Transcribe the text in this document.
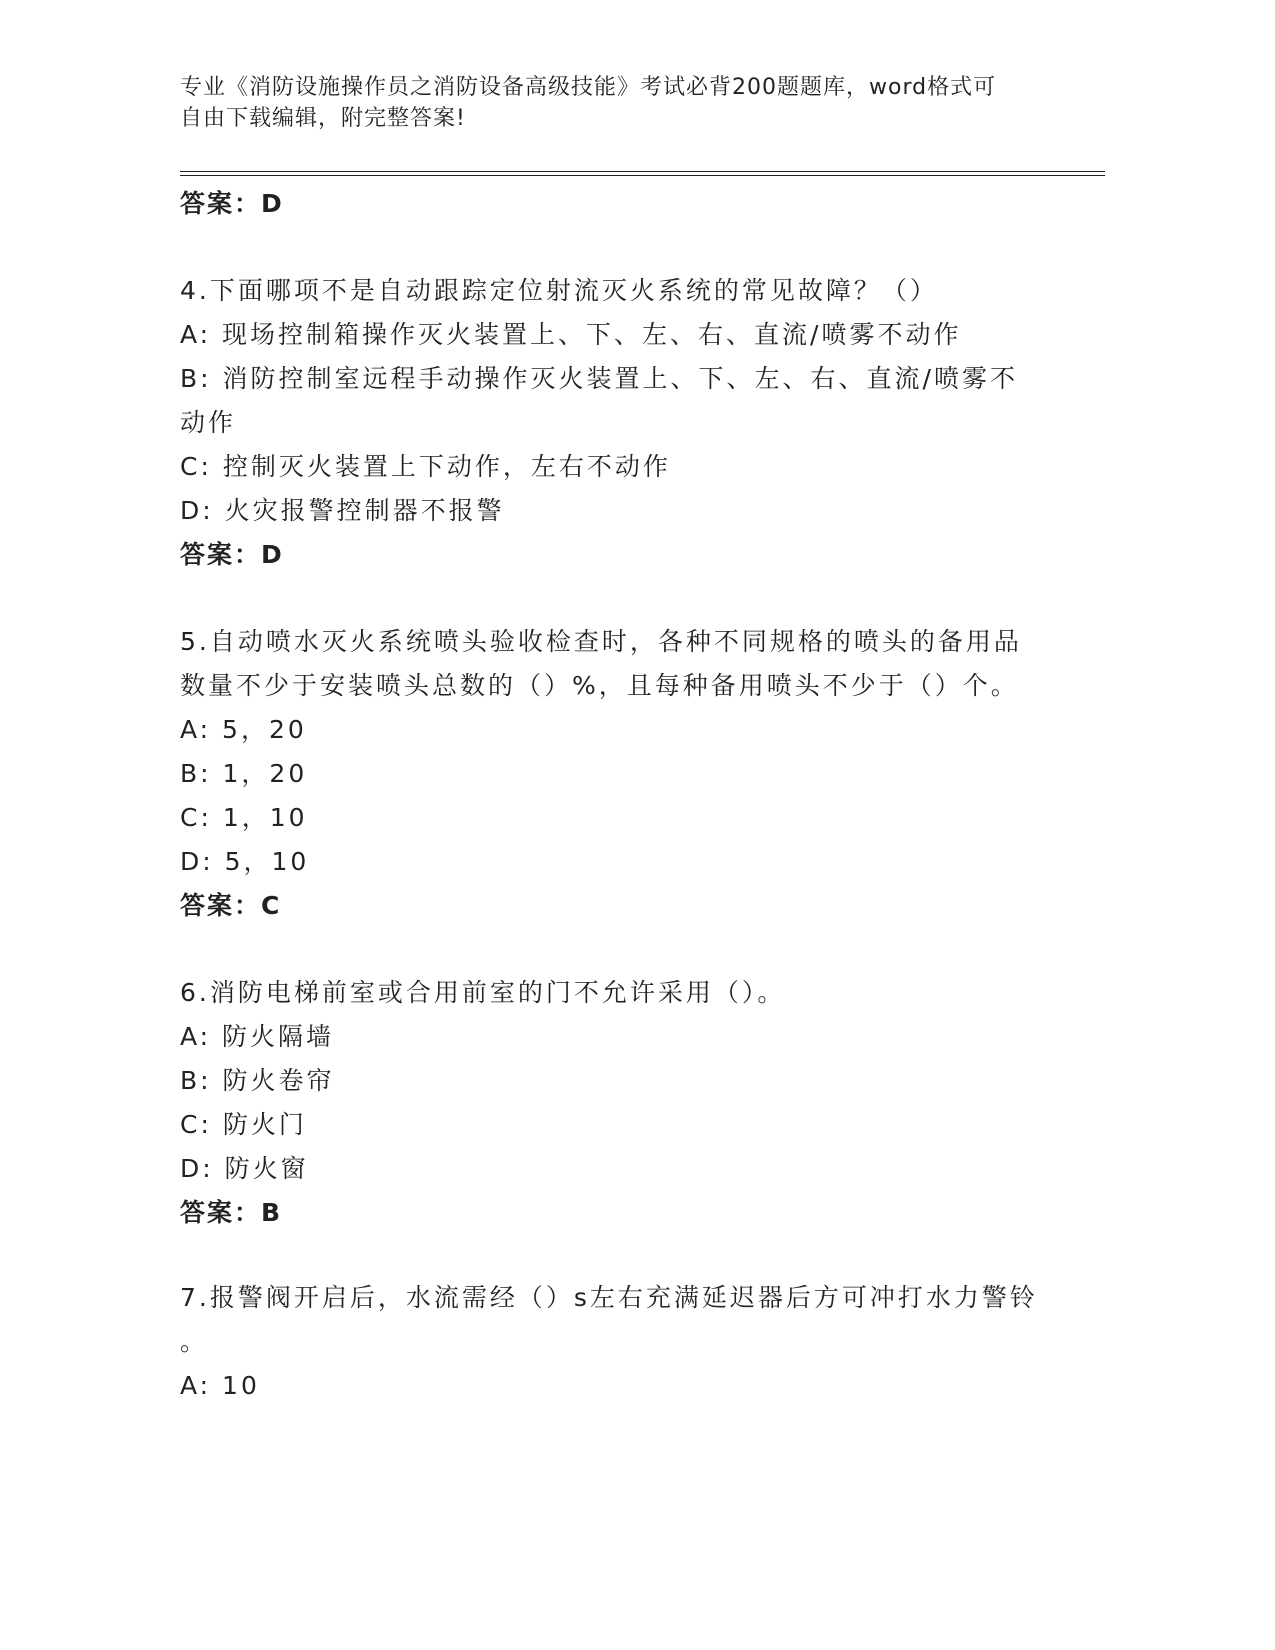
专业《消防设施操作员之消防设备高级技能》考试必背200题题库，word格式可
自由下载编辑，附完整答案!
答案：D
4.下面哪项不是自动跟踪定位射流灭火系统的常见故障？（）
A: 现场控制箱操作灭火装置上、下、左、右、直流/喷雾不动作
B: 消防控制室远程手动操作灭火装置上、下、左、右、直流/喷雾不
动作
C: 控制灭火装置上下动作，左右不动作
D: 火灾报警控制器不报警
答案：D
5.自动喷水灭火系统喷头验收检查时，各种不同规格的喷头的备用品
数量不少于安装喷头总数的（）%，且每种备用喷头不少于（）个。
A: 5，20
B: 1，20
C: 1，10
D: 5，10
答案：C
6.消防电梯前室或合用前室的门不允许采用（）。
A: 防火隔墙
B: 防火卷帘
C: 防火门
D: 防火窗
答案：B
7.报警阀开启后，水流需经（）s左右充满延迟器后方可冲打水力警铃
。
A: 10
